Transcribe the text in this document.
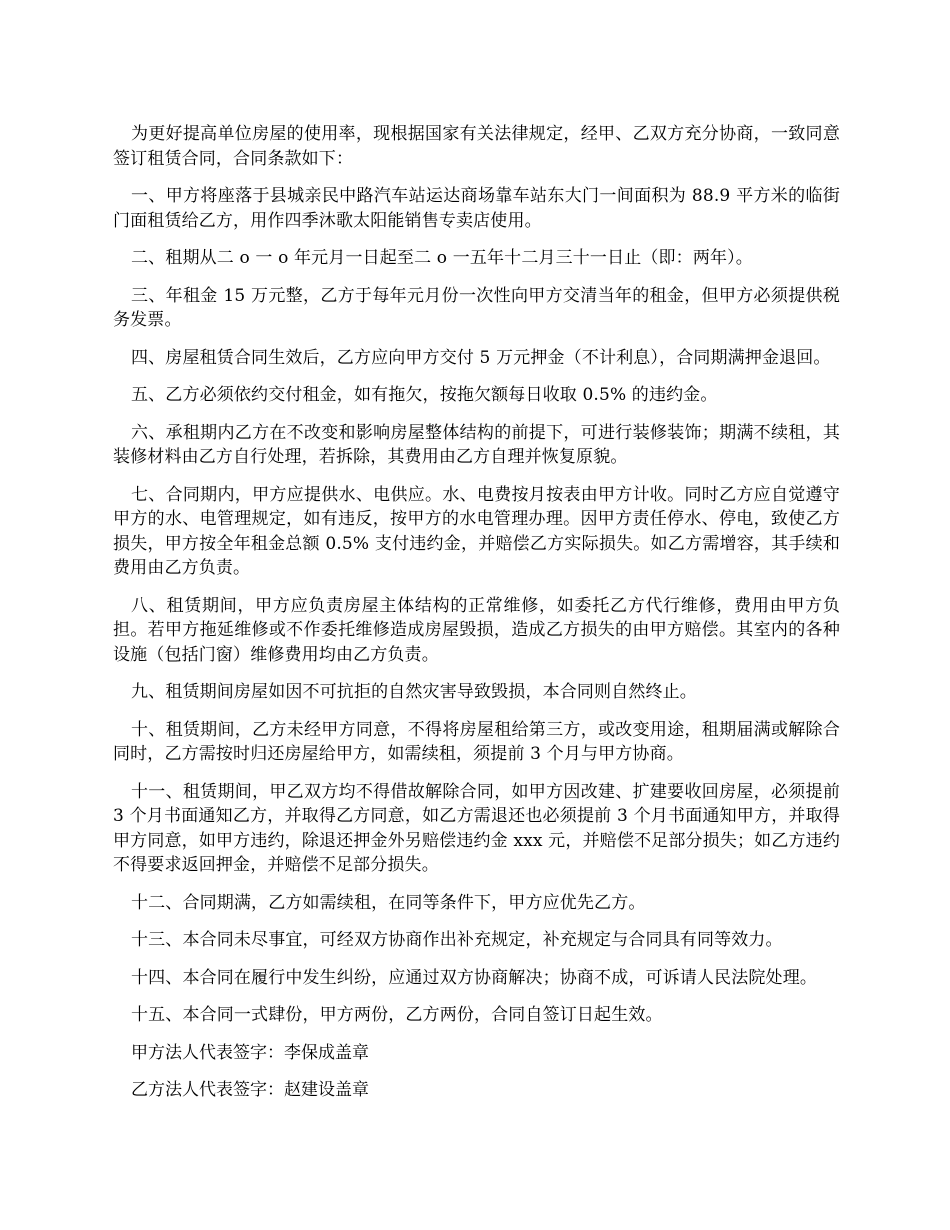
为更好提高单位房屋的使用率，现根据国家有关法律规定，经甲、乙双方充分协商，一致同意签订租赁合同，合同条款如下：

一、甲方将座落于县城亲民中路汽车站运达商场靠车站东大门一间面积为 88.9 平方米的临街门面租赁给乙方，用作四季沐歌太阳能销售专卖店使用。

二、租期从二 o 一 o 年元月一日起至二 o 一五年十二月三十一日止（即：两年）。

三、年租金 15 万元整，乙方于每年元月份一次性向甲方交清当年的租金，但甲方必须提供税务发票。

四、房屋租赁合同生效后，乙方应向甲方交付 5 万元押金（不计利息），合同期满押金退回。

五、乙方必须依约交付租金，如有拖欠，按拖欠额每日收取 0.5% 的违约金。

六、承租期内乙方在不改变和影响房屋整体结构的前提下，可进行装修装饰；期满不续租，其装修材料由乙方自行处理，若拆除，其费用由乙方自理并恢复原貌。

七、合同期内，甲方应提供水、电供应。水、电费按月按表由甲方计收。同时乙方应自觉遵守甲方的水、电管理规定，如有违反，按甲方的水电管理办理。因甲方责任停水、停电，致使乙方损失，甲方按全年租金总额 0.5% 支付违约金，并赔偿乙方实际损失。如乙方需增容，其手续和费用由乙方负责。

八、租赁期间，甲方应负责房屋主体结构的正常维修，如委托乙方代行维修，费用由甲方负担。若甲方拖延维修或不作委托维修造成房屋毁损，造成乙方损失的由甲方赔偿。其室内的各种设施（包括门窗）维修费用均由乙方负责。

九、租赁期间房屋如因不可抗拒的自然灾害导致毁损，本合同则自然终止。

十、租赁期间，乙方未经甲方同意，不得将房屋租给第三方，或改变用途，租期届满或解除合同时，乙方需按时归还房屋给甲方，如需续租，须提前 3 个月与甲方协商。

十一、租赁期间，甲乙双方均不得借故解除合同，如甲方因改建、扩建要收回房屋，必须提前 3 个月书面通知乙方，并取得乙方同意，如乙方需退还也必须提前 3 个月书面通知甲方，并取得甲方同意，如甲方违约，除退还押金外另赔偿违约金 xxx 元，并赔偿不足部分损失；如乙方违约不得要求返回押金，并赔偿不足部分损失。

十二、合同期满，乙方如需续租，在同等条件下，甲方应优先乙方。

十三、本合同未尽事宜，可经双方协商作出补充规定，补充规定与合同具有同等效力。

十四、本合同在履行中发生纠纷，应通过双方协商解决；协商不成，可诉请人民法院处理。

十五、本合同一式肆份，甲方两份，乙方两份，合同自签订日起生效。

甲方法人代表签字：李保成盖章

乙方法人代表签字：赵建设盖章
